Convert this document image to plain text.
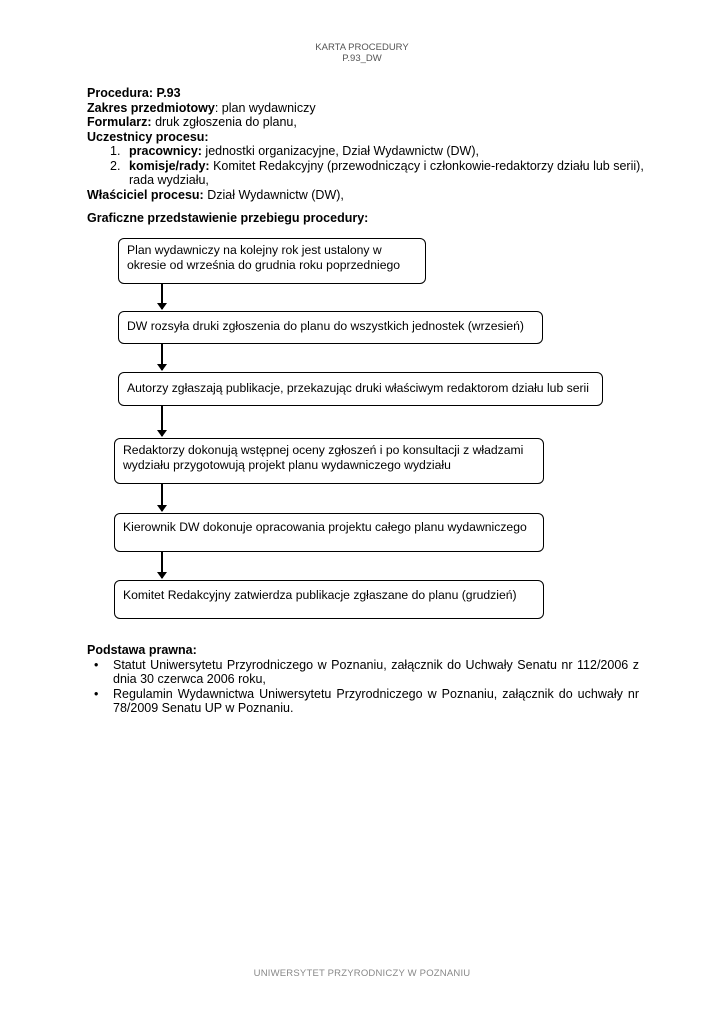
KARTA PROCEDURY
P.93_DW

Procedura: P.93

Zakres przedmiotowy: plan wydawniczy

Formularz: druk zgłoszenia do planu,

Uczestnicy procesu:

1. pracownicy: jednostki organizacyjne, Dział Wydawnictw (DW),
2. komisje/rady: Komitet Redakcyjny (przewodniczący i członkowie-redaktorzy działu lub serii), rada wydziału,

Właściciel procesu: Dział Wydawnictw (DW),

Graficzne przedstawienie przebiegu procedury:
Plan wydawniczy na kolejny rok jest ustalony w okresie od września do grudnia roku poprzedniego
DW rozsyła druki zgłoszenia do planu do wszystkich jednostek (wrzesień)
Autorzy zgłaszają publikacje, przekazując druki właściwym redaktorom działu lub serii
Redaktorzy dokonują wstępnej oceny zgłoszeń i po konsultacji z władzami wydziału przygotowują projekt planu wydawniczego wydziału
Kierownik DW dokonuje opracowania projektu całego planu wydawniczego
Komitet Redakcyjny zatwierdza publikacje zgłaszane do planu (grudzień)
Podstawa prawna:
• Statut Uniwersytetu Przyrodniczego w Poznaniu, załącznik do Uchwały Senatu nr 112/2006 z dnia 30 czerwca 2006 roku,
• Regulamin Wydawnictwa Uniwersytetu Przyrodniczego w Poznaniu, załącznik do uchwały nr 78/2009 Senatu UP w Poznaniu.
UNIWERSYTET PRZYRODNICZY W POZNANIU
